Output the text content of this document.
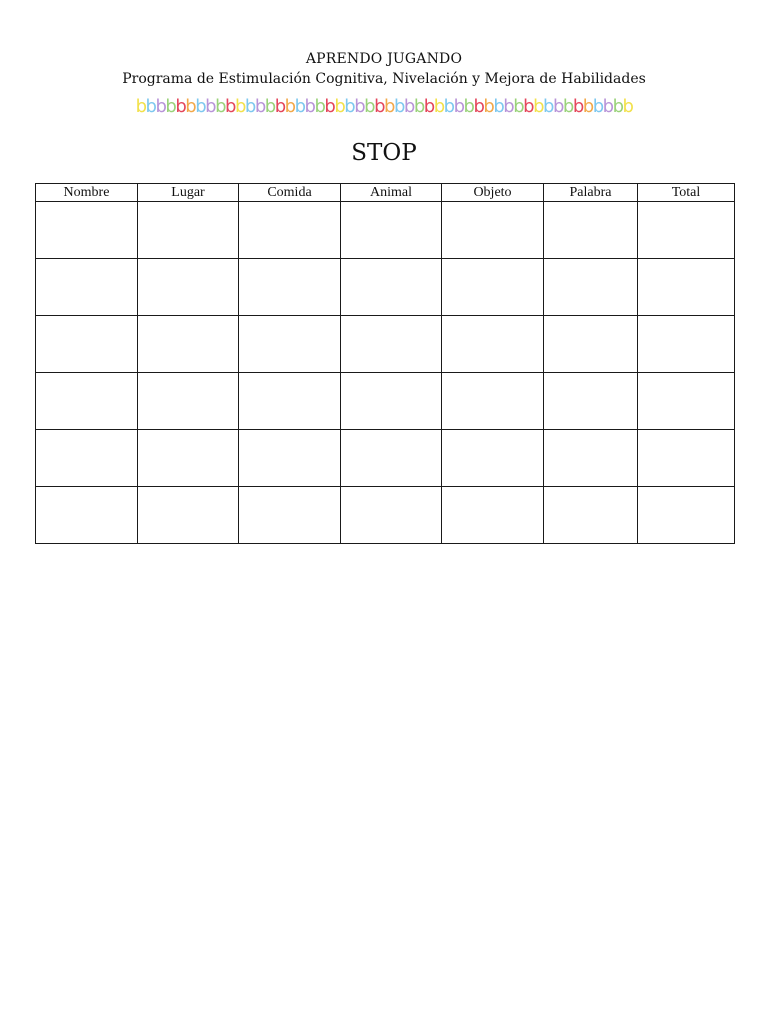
APRENDO JUGANDO
Programa de Estimulación Cognitiva, Nivelación y Mejora de Habilidades
bbbbbbbbbbbbbbbbbbbbbbbbbbbbbbbbbbbbbbbbbbbbbbbbbb
STOP
Nombre	Lugar	Comida	Animal	Objeto	Palabra	Total
